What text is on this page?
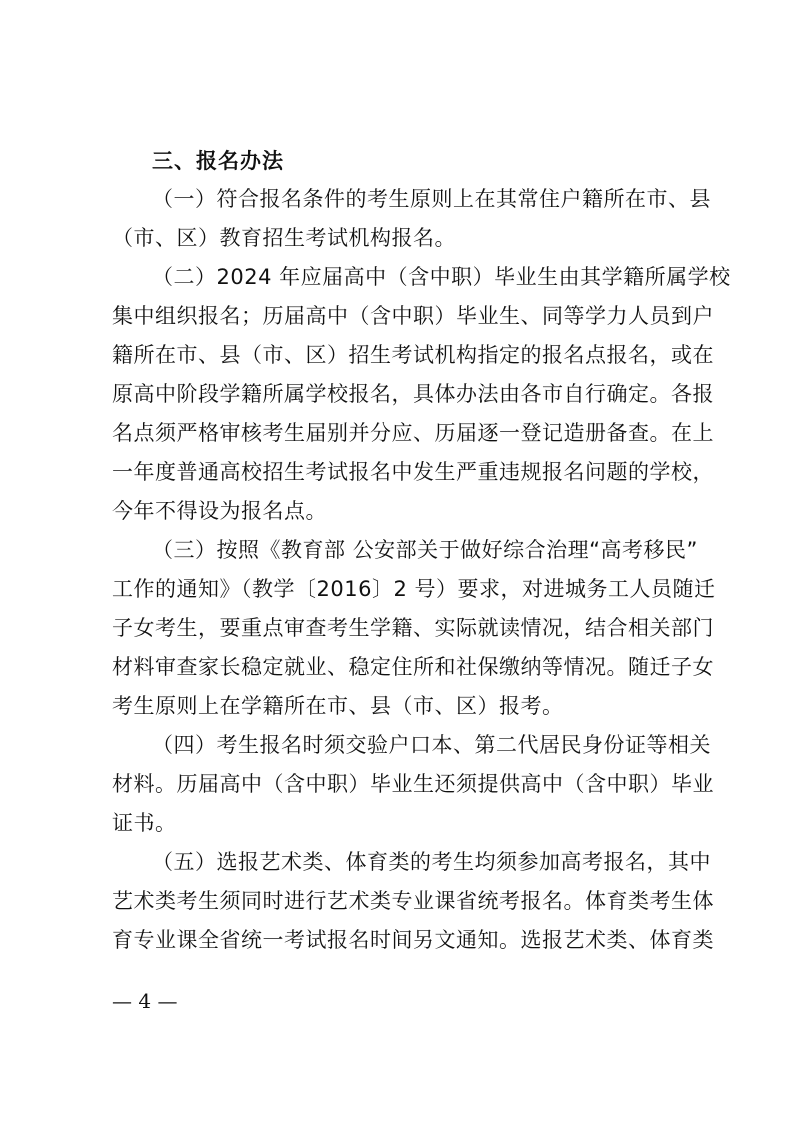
三、报名办法
（一）符合报名条件的考生原则上在其常住户籍所在市、县
（市、区）教育招生考试机构报名。
（二）2024 年应届高中（含中职）毕业生由其学籍所属学校
集中组织报名；历届高中（含中职）毕业生、同等学力人员到户
籍所在市、县（市、区）招生考试机构指定的报名点报名，或在
原高中阶段学籍所属学校报名，具体办法由各市自行确定。各报
名点须严格审核考生届别并分应、历届逐一登记造册备查。在上
一年度普通高校招生考试报名中发生严重违规报名问题的学校，
今年不得设为报名点。
（三）按照《教育部 公安部关于做好综合治理“高考移民”
工作的通知》（教学〔2016〕2 号）要求，对进城务工人员随迁
子女考生，要重点审查考生学籍、实际就读情况，结合相关部门
材料审查家长稳定就业、稳定住所和社保缴纳等情况。随迁子女
考生原则上在学籍所在市、县（市、区）报考。
（四）考生报名时须交验户口本、第二代居民身份证等相关
材料。历届高中（含中职）毕业生还须提供高中（含中职）毕业
证书。
（五）选报艺术类、体育类的考生均须参加高考报名，其中
艺术类考生须同时进行艺术类专业课省统考报名。体育类考生体
育专业课全省统一考试报名时间另文通知。选报艺术类、体育类
— 4 —
